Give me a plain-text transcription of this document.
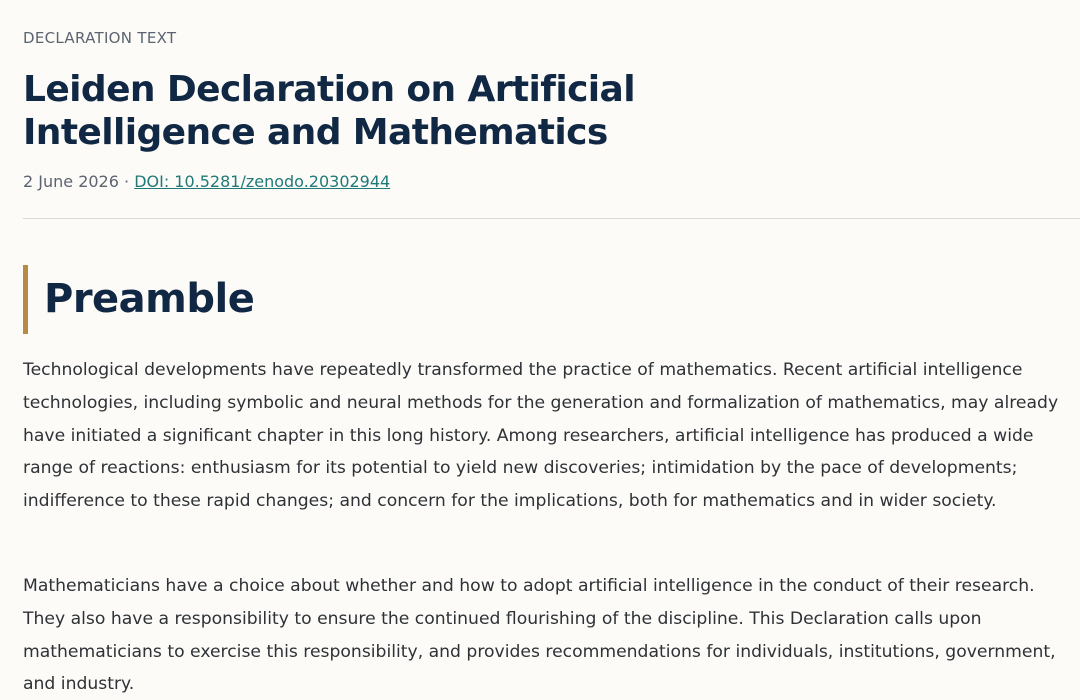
DECLARATION TEXT
Leiden Declaration on Artificial Intelligence and Mathematics
2 June 2026 · DOI: 10.5281/zenodo.20302944
Preamble

Technological developments have repeatedly transformed the practice of mathematics. Recent artificial intelligence technologies, including symbolic and neural methods for the generation and formalization of mathematics, may already have initiated a significant chapter in this long history. Among researchers, artificial intelligence has produced a wide range of reactions: enthusiasm for its potential to yield new discoveries; intimidation by the pace of developments; indifference to these rapid changes; and concern for the implications, both for mathematics and in wider society.

Mathematicians have a choice about whether and how to adopt artificial intelligence in the conduct of their research. They also have a responsibility to ensure the continued flourishing of the discipline. This Declaration calls upon mathematicians to exercise this responsibility, and provides recommendations for individuals, institutions, government, and industry.
